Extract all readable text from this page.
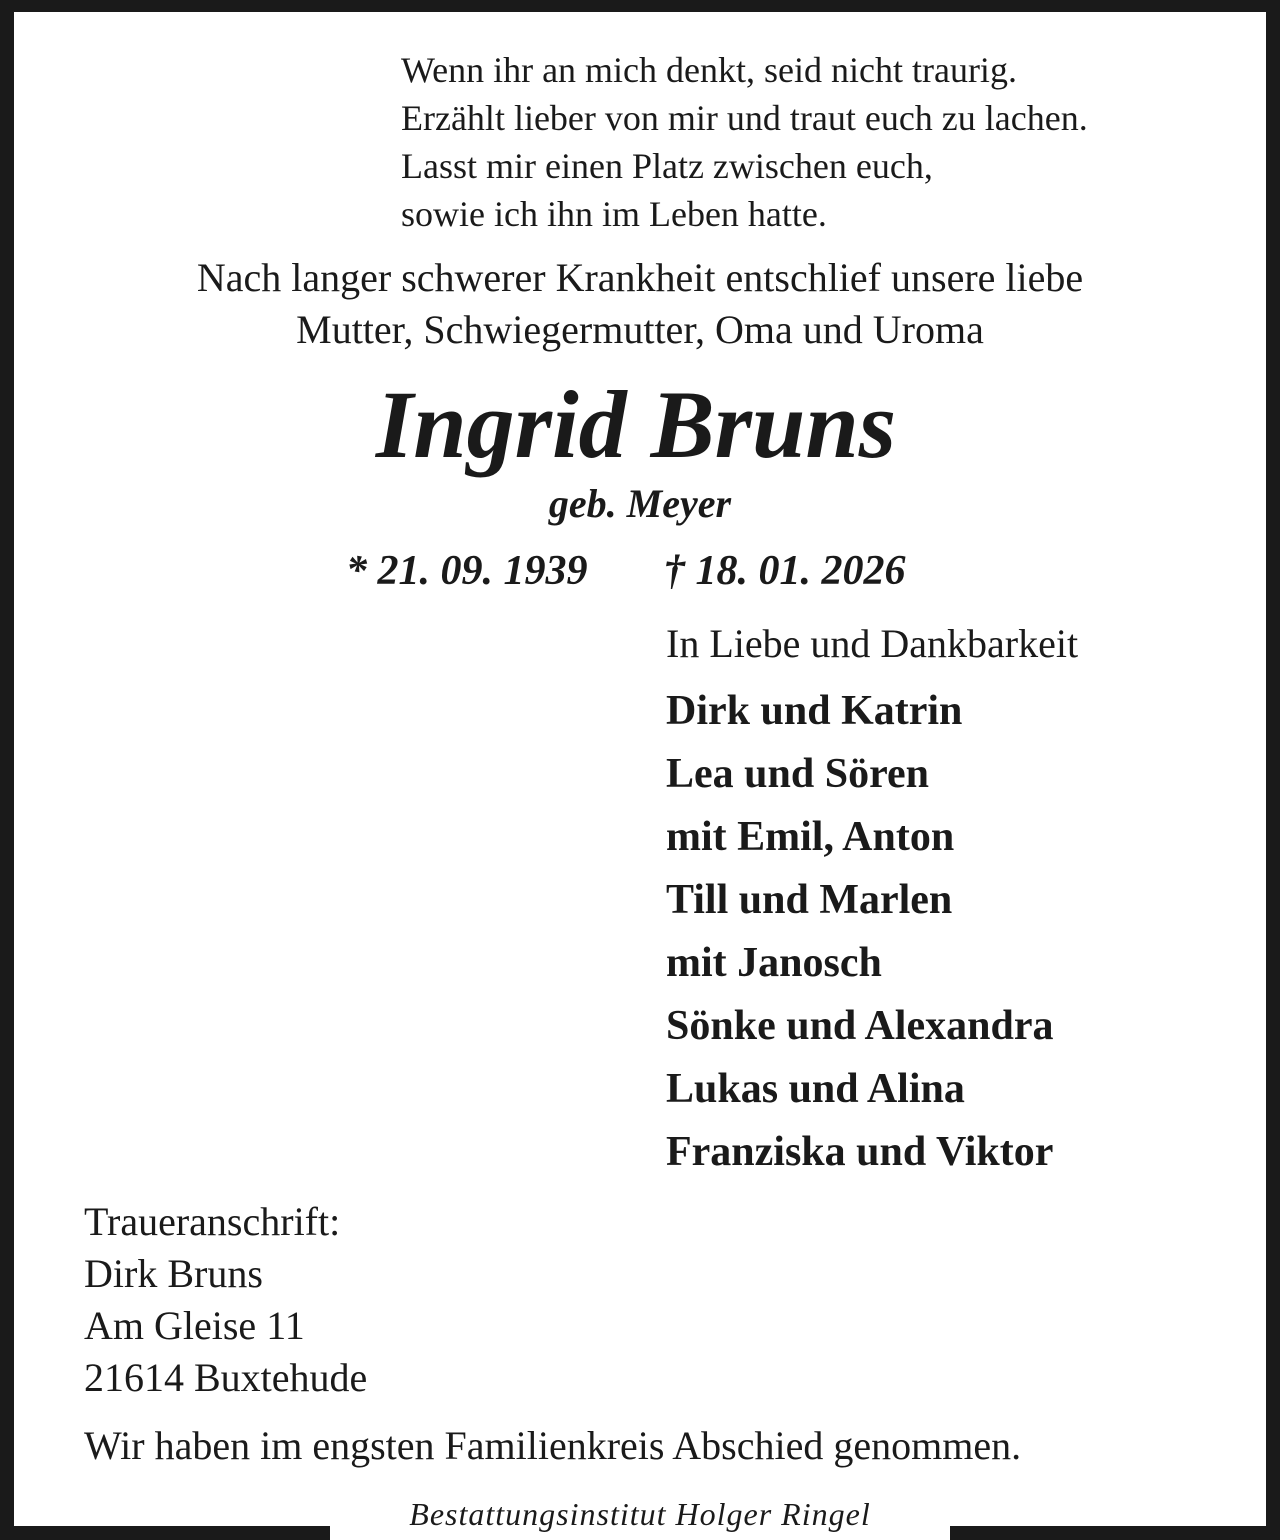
Wenn ihr an mich denkt, seid nicht traurig.
Erzählt lieber von mir und traut euch zu lachen.
Lasst mir einen Platz zwischen euch,
sowie ich ihn im Leben hatte.
Nach langer schwerer Krankheit entschlief unsere liebe
Mutter, Schwiegermutter, Oma und Uroma
Ingrid Bruns
geb. Meyer
* 21. 09. 1939 † 18. 01. 2026
In Liebe und Dankbarkeit
Dirk und Katrin
Lea und Sören
mit Emil, Anton
Till und Marlen
mit Janosch
Sönke und Alexandra
Lukas und Alina
Franziska und Viktor
Traueranschrift:
Dirk Bruns
Am Gleise 11
21614 Buxtehude
Wir haben im engsten Familienkreis Abschied genommen.
Bestattungsinstitut Holger Ringel
